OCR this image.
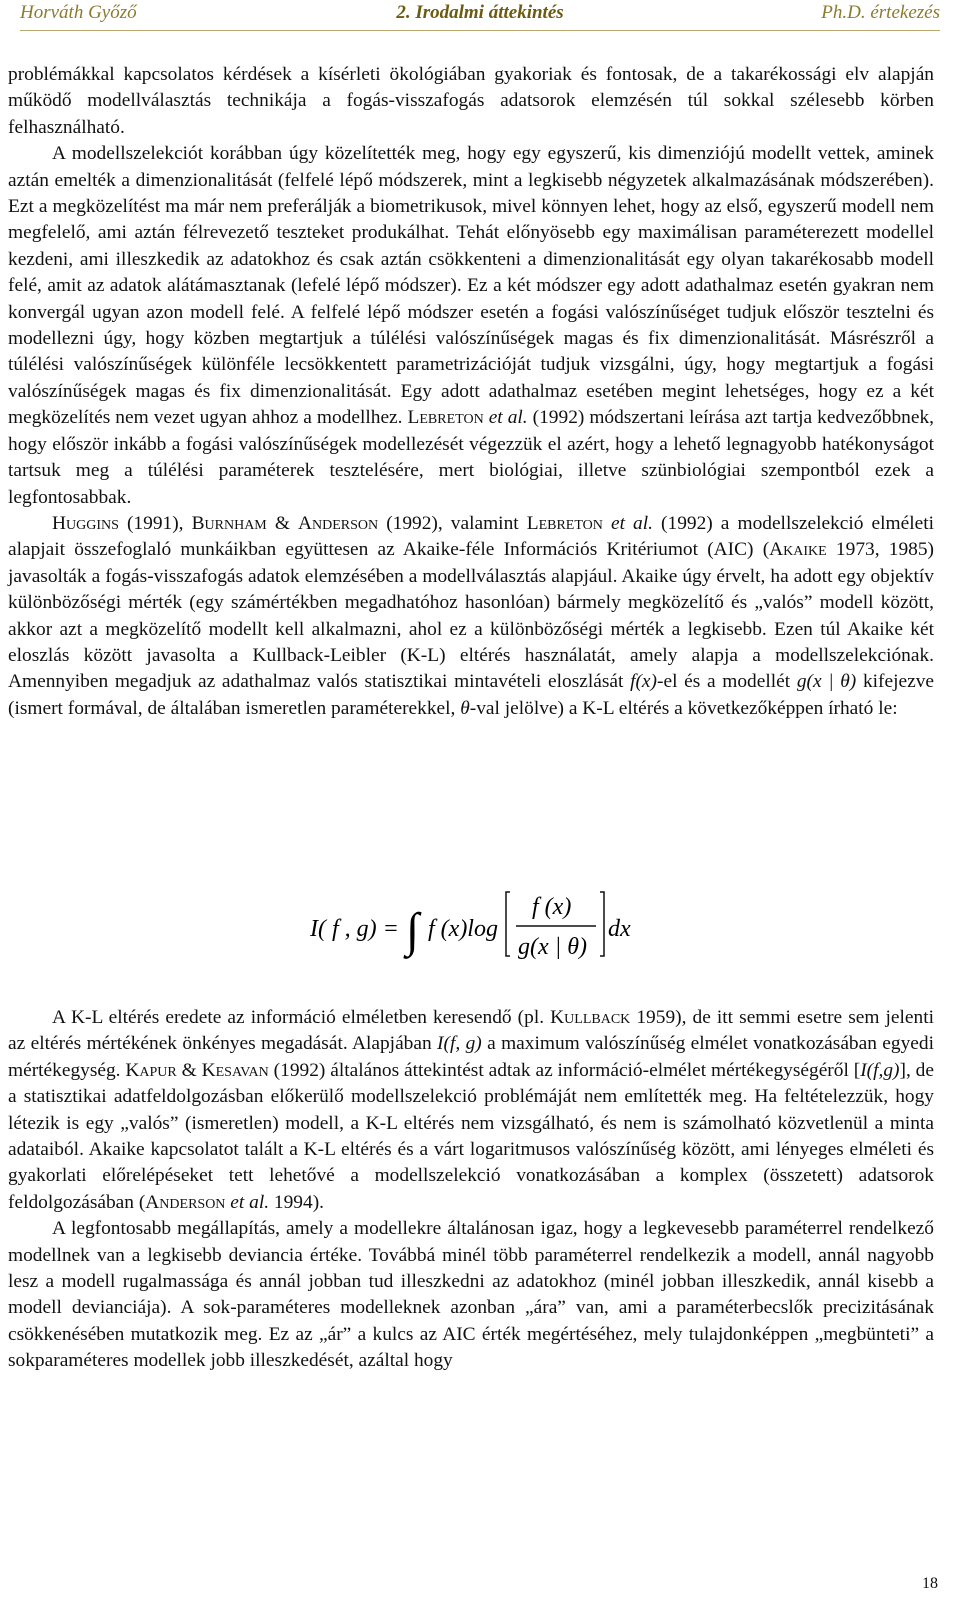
Horváth Győző	2. Irodalmi áttekintés	Ph.D. értekezés

problémákkal kapcsolatos kérdések a kísérleti ökológiában gyakoriak és fontosak, de a takarékossági elv alapján működő modellválasztás technikája a fogás-visszafogás adatsorok elemzésén túl sokkal szélesebb körben felhasználható.

A modellszelekciót korábban úgy közelítették meg, hogy egy egyszerű, kis dimenziójú modellt vettek, aminek aztán emelték a dimenzionalitását (felfelé lépő módszerek, mint a legkisebb négyzetek alkalmazásának módszerében). Ezt a megközelítést ma már nem preferálják a biometrikusok, mivel könnyen lehet, hogy az első, egyszerű modell nem megfelelő, ami aztán félrevezető teszteket produkálhat. Tehát előnyösebb egy maximálisan paraméterezett modellel kezdeni, ami illeszkedik az adatokhoz és csak aztán csökkenteni a dimenzionalitását egy olyan takarékosabb modell felé, amit az adatok alátámasztanak (lefelé lépő módszer). Ez a két módszer egy adott adathalmaz esetén gyakran nem konvergál ugyan azon modell felé. A felfelé lépő módszer esetén a fogási valószínűséget tudjuk először tesztelni és modellezni úgy, hogy közben megtartjuk a túlélési valószínűségek magas és fix dimenzionalitását. Másrészről a túlélési valószínűségek különféle lecsökkentett parametrizációját tudjuk vizsgálni, úgy, hogy megtartjuk a fogási valószínűségek magas és fix dimenzionalitását. Egy adott adathalmaz esetében megint lehetséges, hogy ez a két megközelítés nem vezet ugyan ahhoz a modellhez. Lebreton et al. (1992) módszertani leírása azt tartja kedvezőbbnek, hogy először inkább a fogási valószínűségek modellezését végezzük el azért, hogy a lehető legnagyobb hatékonyságot tartsuk meg a túlélési paraméterek tesztelésére, mert biológiai, illetve szünbiológiai szempontból ezek a legfontosabbak.

Huggins (1991), Burnham & Anderson (1992), valamint Lebreton et al. (1992) a modellszelekció elméleti alapjait összefoglaló munkáikban együttesen az Akaike-féle Információs Kritériumot (AIC) (Akaike 1973, 1985) javasolták a fogás-visszafogás adatok elemzésében a modellválasztás alapjául. Akaike úgy érvelt, ha adott egy objektív különbözőségi mérték (egy számértékben megadhatóhoz hasonlóan) bármely megközelítő és „valós” modell között, akkor azt a megközelítő modellt kell alkalmazni, ahol ez a különbözőségi mérték a legkisebb. Ezen túl Akaike két eloszlás között javasolta a Kullback-Leibler (K-L) eltérés használatát, amely alapja a modellszelekciónak. Amennyiben megadjuk az adathalmaz valós statisztikai mintavételi eloszlását f(x)-el és a modellét g(x | θ) kifejezve (ismert formával, de általában ismeretlen paraméterekkel, θ-val jelölve) a K-L eltérés a következőképpen írható le:

I( f , g) = ∫ f (x)log
f (x)
g(x | θ)
dx

A K-L eltérés eredete az információ elméletben keresendő (pl. Kullback 1959), de itt semmi esetre sem jelenti az eltérés mértékének önkényes megadását. Alapjában I(f, g) a maximum valószínűség elmélet vonatkozásában egyedi mértékegység. Kapur & Kesavan (1992) általános áttekintést adtak az információ-elmélet mértékegységéről [I(f,g)], de a statisztikai adatfeldolgozásban előkerülő modellszelekció problémáját nem említették meg. Ha feltételezzük, hogy létezik is egy „valós” (ismeretlen) modell, a K-L eltérés nem vizsgálható, és nem is számolható közvetlenül a minta adataiból. Akaike kapcsolatot talált a K-L eltérés és a várt logaritmusos valószínűség között, ami lényeges elméleti és gyakorlati előrelépéseket tett lehetővé a modellszelekció vonatkozásában a komplex (összetett) adatsorok feldolgozásában (Anderson et al. 1994).

A legfontosabb megállapítás, amely a modellekre általánosan igaz, hogy a legkevesebb paraméterrel rendelkező modellnek van a legkisebb deviancia értéke. Továbbá minél több paraméterrel rendelkezik a modell, annál nagyobb lesz a modell rugalmassága és annál jobban tud illeszkedni az adatokhoz (minél jobban illeszkedik, annál kisebb a modell devianciája). A sok-paraméteres modelleknek azonban „ára” van, ami a paraméterbecslők precizitásának csökkenésében mutatkozik meg. Ez az „ár” a kulcs az AIC érték megértéséhez, mely tulajdonképpen „megbünteti” a sokparaméteres modellek jobb illeszkedését, azáltal hogy

18
